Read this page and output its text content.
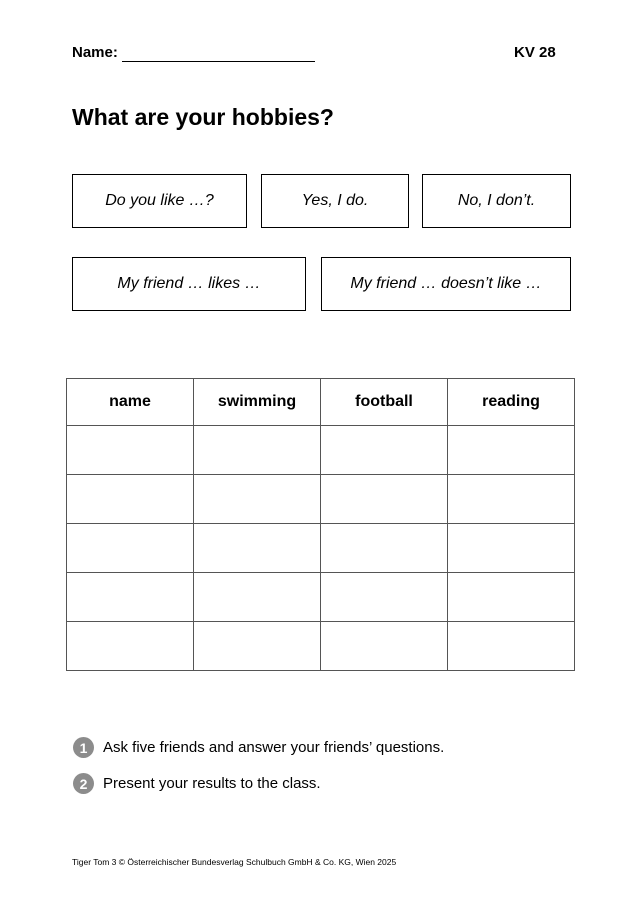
Name:	KV 28
What are your hobbies?
Do you like …?	Yes, I do.	No, I don’t.
My friend … likes …	My friend … doesn’t like …
name	swimming	football	reading

1	Ask five friends and answer your friends’ questions.
2	Present your results to the class.
Tiger Tom 3 © Österreichischer Bundesverlag Schulbuch GmbH & Co. KG, Wien 2025
